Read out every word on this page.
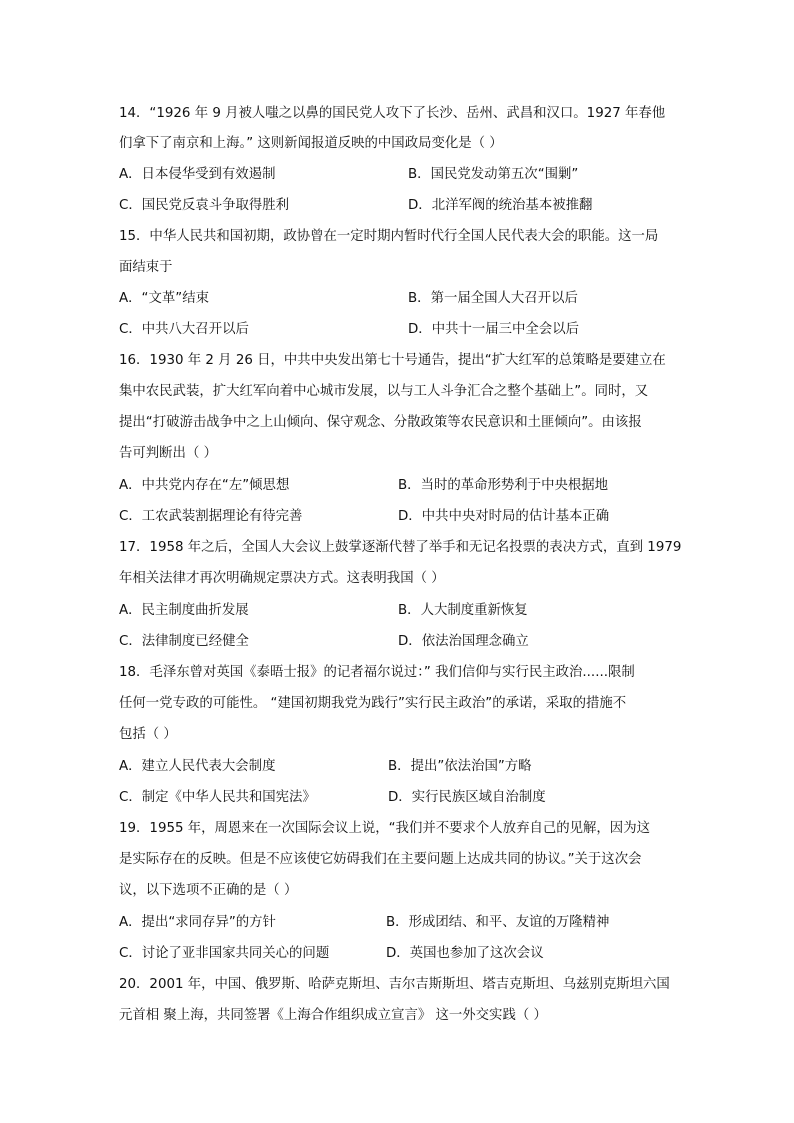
14．“1926 年 9 月被人嗤之以鼻的国民党人攻下了长沙、岳州、武昌和汉口。1927 年春他
们拿下了南京和上海。” 这则新闻报道反映的中国政局变化是（ ）
A．日本侵华受到有效遏制	B．国民党发动第五次“围剿”
C．国民党反袁斗争取得胜利	D．北洋军阀的统治基本被推翻
15．中华人民共和国初期，政协曾在一定时期内暂时代行全国人民代表大会的职能。这一局
面结束于
A．“文革”结束	B．第一届全国人大召开以后
C．中共八大召开以后	D．中共十一届三中全会以后
16．1930 年 2 月 26 日，中共中央发出第七十号通告，提出“扩大红军的总策略是要建立在
集中农民武装，扩大红军向着中心城市发展，以与工人斗争汇合之整个基础上”。同时，又
提出“打破游击战争中之上山倾向、保守观念、分散政策等农民意识和土匪倾向”。由该报
告可判断出（ ）
A．中共党内存在“左”倾思想	B．当时的革命形势利于中央根据地
C．工农武装割据理论有待完善	D．中共中央对时局的估计基本正确
17．1958 年之后，全国人大会议上鼓掌逐渐代替了举手和无记名投票的表决方式，直到 1979
年相关法律才再次明确规定票决方式。这表明我国（ ）
A．民主制度曲折发展	B．人大制度重新恢复
C．法律制度已经健全	D．依法治国理念确立
18．毛泽东曾对英国《泰晤士报》的记者福尔说过：” 我们信仰与实行民主政治......限制
任何一党专政的可能性。 “建国初期我党为践行”实行民主政治”的承诺，采取的措施不
包括（ ）
A．建立人民代表大会制度	B．提出”依法治国”方略
C．制定《中华人民共和国宪法》	D．实行民族区域自治制度
19．1955 年，周恩来在一次国际会议上说，“我们并不要求个人放弃自己的见解，因为这
是实际存在的反映。但是不应该使它妨碍我们在主要问题上达成共同的协议。”关于这次会
议，以下选项不正确的是（ ）
A．提出“求同存异”的方针	B．形成团结、和平、友谊的万隆精神
C．讨论了亚非国家共同关心的问题	D．英国也参加了这次会议
20．2001 年，中国、俄罗斯、哈萨克斯坦、吉尔吉斯斯坦、塔吉克斯坦、乌兹别克斯坦六国
元首相 聚上海，共同签署《上海合作组织成立宣言》 这一外交实践（ ）
